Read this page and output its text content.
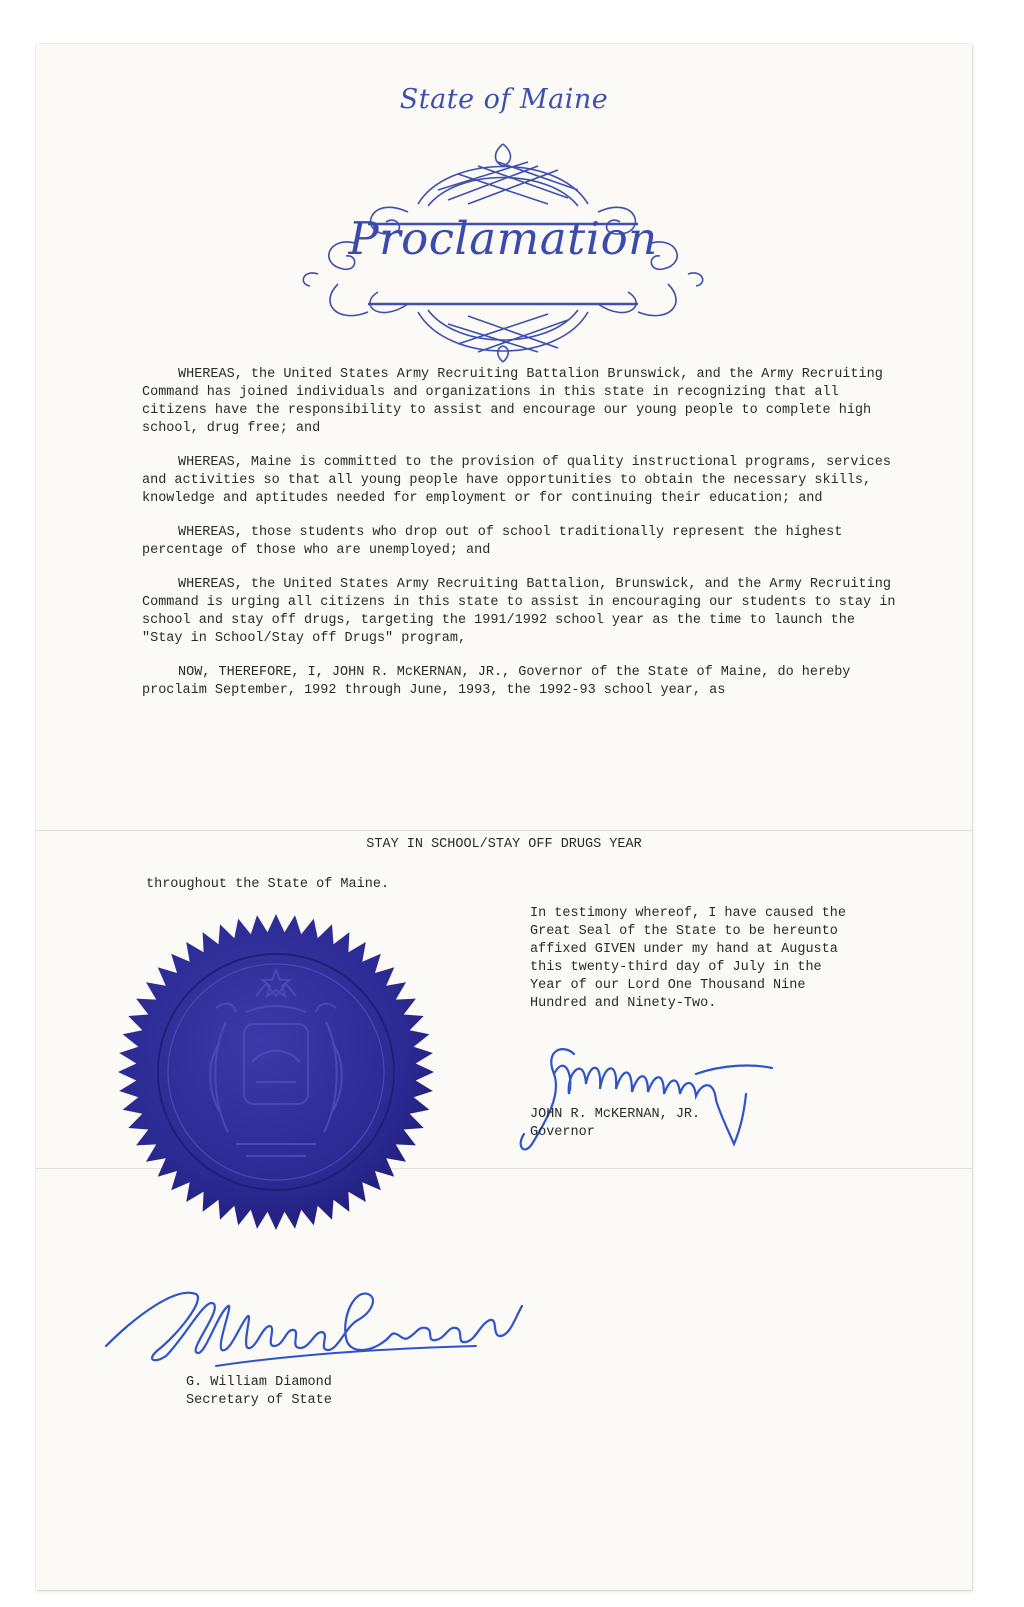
State of Maine
Proclamation

WHEREAS, the United States Army Recruiting Battalion Brunswick, and the Army Recruiting Command has joined individuals and organizations in this state in recognizing that all citizens have the responsibility to assist and encourage our young people to complete high school, drug free; and

WHEREAS, Maine is committed to the provision of quality instructional programs, services and activities so that all young people have opportunities to obtain the necessary skills, knowledge and aptitudes needed for employment or for continuing their education; and

WHEREAS, those students who drop out of school traditionally represent the highest percentage of those who are unemployed; and

WHEREAS, the United States Army Recruiting Battalion, Brunswick, and the Army Recruiting Command is urging all citizens in this state to assist in encouraging our students to stay in school and stay off drugs, targeting the 1991/1992 school year as the time to launch the "Stay in School/Stay off Drugs" program,

NOW, THEREFORE, I, JOHN R. McKERNAN, JR., Governor of the State of Maine, do hereby proclaim September, 1992 through June, 1993, the 1992-93 school year, as

STAY IN SCHOOL/STAY OFF DRUGS YEAR
throughout the State of Maine.
In testimony whereof, I have caused the Great Seal of the State to be hereunto affixed GIVEN under my hand at Augusta this twenty-third day of July in the Year of our Lord One Thousand Nine Hundred and Ninety-Two.
JOHN R. McKERNAN, JR.
Governor
G. William Diamond
Secretary of State
